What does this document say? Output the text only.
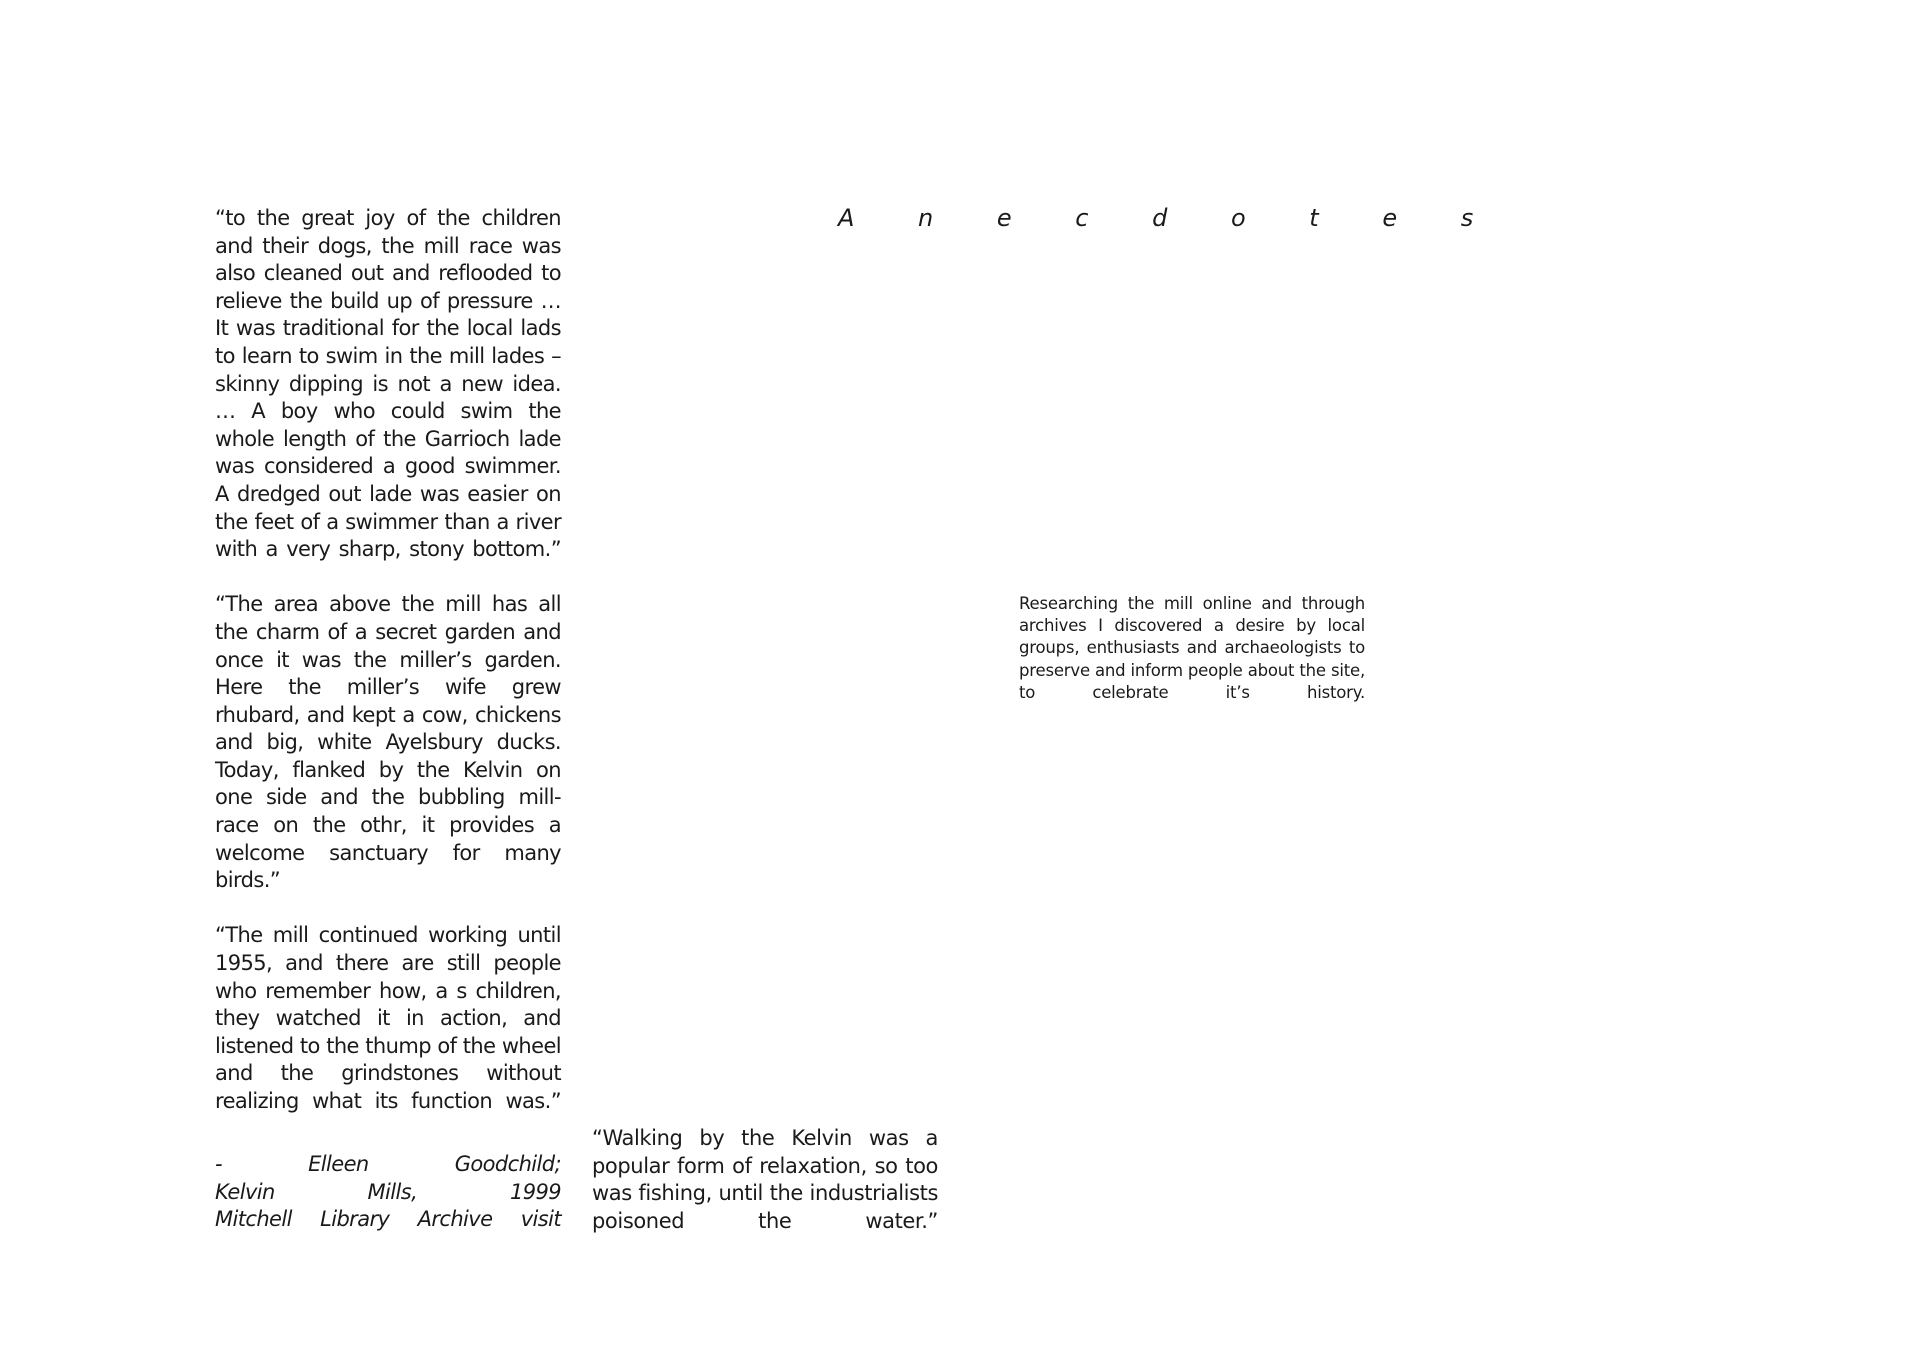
A n e c d o t e s

“to the great joy of the children and their dogs, the mill race was also cleaned out and reflooded to relieve the build up of pressure … It was traditional for the local lads to learn to swim in the mill lades – skinny dipping is not a new idea. … A boy who could swim the whole length of the Garrioch lade was considered a good swimmer. A dredged out lade was easier on the feet of a swimmer than a river with a very sharp, stony bottom.”

“The area above the mill has all the charm of a secret garden and once it was the miller’s garden. Here the miller’s wife grew rhubard, and kept a cow, chickens and big, white Ayelsbury ducks. Today, flanked by the Kelvin on one side and the bubbling mill-race on the othr, it provides a welcome sanctuary for many birds.”

“The mill continued working until 1955, and there are still people who remember how, a s children, they watched it in action, and listened to the thump of the wheel and the grindstones without realizing what its function was.”

- Elleen Goodchild;
Kelvin Mills, 1999
Mitchell Library Archive visit

“Walking by the Kelvin was a popular form of relaxation, so too was fishing, until the industrialists poisoned the water.”

Researching the mill online and through archives I discovered a desire by local groups, enthusiasts and archaeologists to preserve and inform people about the site, to celebrate it’s history.
